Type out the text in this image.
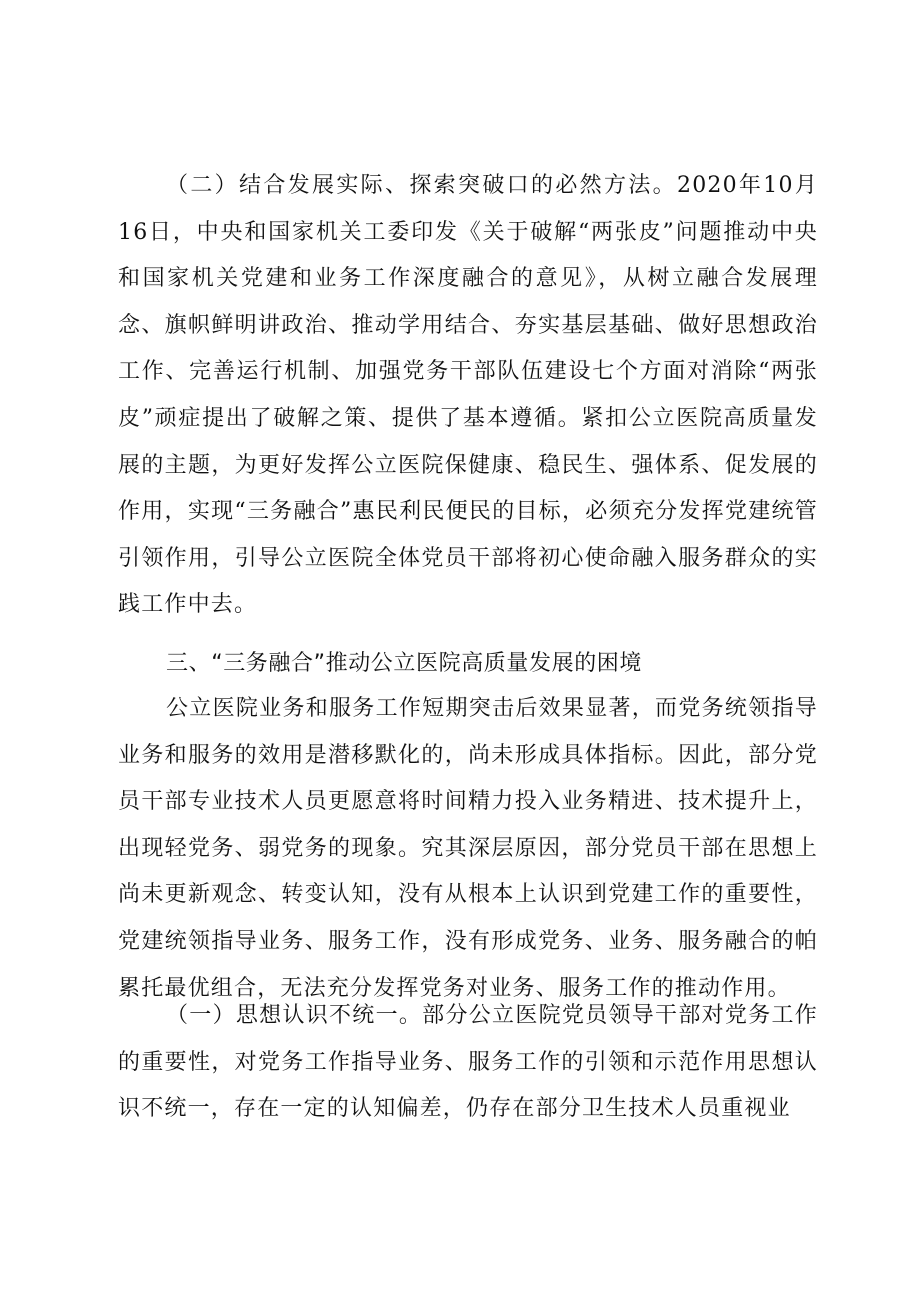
（二）结合发展实际、探索突破口的必然方法。2020年10月16日，中央和国家机关工委印发《关于破解“两张皮”问题推动中央和国家机关党建和业务工作深度融合的意见》，从树立融合发展理念、旗帜鲜明讲政治、推动学用结合、夯实基层基础、做好思想政治工作、完善运行机制、加强党务干部队伍建设七个方面对消除“两张皮”顽症提出了破解之策、提供了基本遵循。紧扣公立医院高质量发展的主题，为更好发挥公立医院保健康、稳民生、强体系、促发展的作用，实现“三务融合”惠民利民便民的目标，必须充分发挥党建统管引领作用，引导公立医院全体党员干部将初心使命融入服务群众的实践工作中去。

三、“三务融合”推动公立医院高质量发展的困境

公立医院业务和服务工作短期突击后效果显著，而党务统领指导业务和服务的效用是潜移默化的，尚未形成具体指标。因此，部分党员干部专业技术人员更愿意将时间精力投入业务精进、技术提升上，出现轻党务、弱党务的现象。究其深层原因，部分党员干部在思想上尚未更新观念、转变认知，没有从根本上认识到党建工作的重要性，党建统领指导业务、服务工作，没有形成党务、业务、服务融合的帕累托最优组合，无法充分发挥党务对业务、服务工作的推动作用。

（一）思想认识不统一。部分公立医院党员领导干部对党务工作的重要性，对党务工作指导业务、服务工作的引领和示范作用思想认识不统一，存在一定的认知偏差，仍存在部分卫生技术人员重视业
